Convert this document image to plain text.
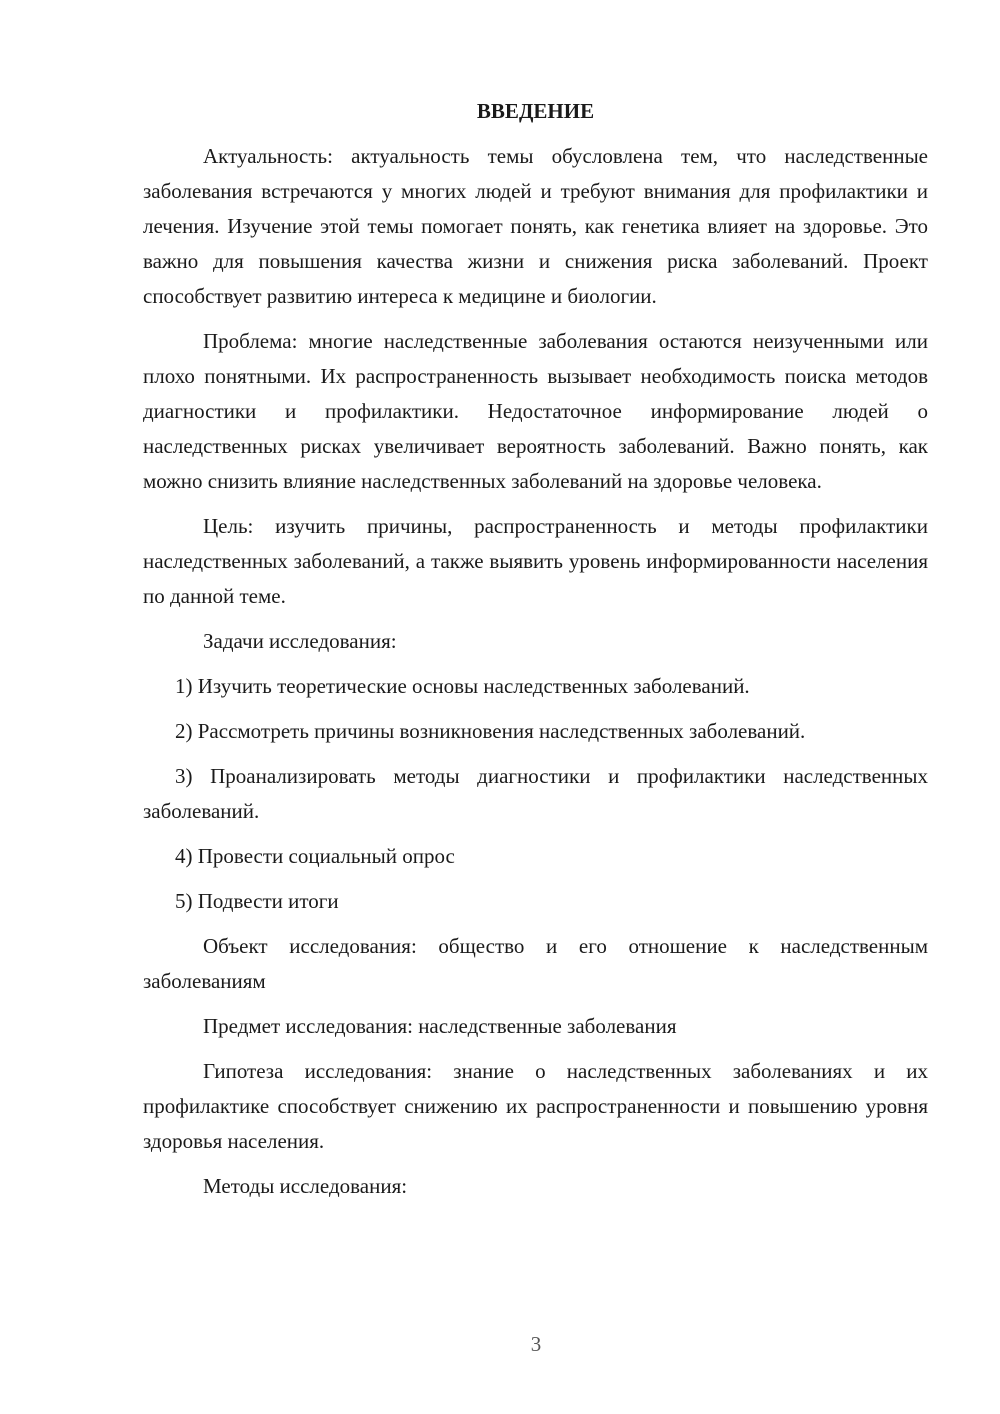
ВВЕДЕНИЕ

Актуальность: актуальность темы обусловлена тем, что наследственные заболевания встречаются у многих людей и требуют внимания для профилактики и лечения. Изучение этой темы помогает понять, как генетика влияет на здоровье. Это важно для повышения качества жизни и снижения риска заболеваний. Проект способствует развитию интереса к медицине и биологии.

Проблема: многие наследственные заболевания остаются неизученными или плохо понятными. Их распространенность вызывает необходимость поиска методов диагностики и профилактики. Недостаточное информирование людей о наследственных рисках увеличивает вероятность заболеваний. Важно понять, как можно снизить влияние наследственных заболеваний на здоровье человека.

Цель: изучить причины, распространенность и методы профилактики наследственных заболеваний, а также выявить уровень информированности населения по данной теме.

Задачи исследования:

1) Изучить теоретические основы наследственных заболеваний.

2) Рассмотреть причины возникновения наследственных заболеваний.

3) Проанализировать методы диагностики и профилактики наследственных заболеваний.

4) Провести социальный опрос

5) Подвести итоги

Объект исследования: общество и его отношение к наследственным заболеваниям

Предмет исследования: наследственные заболевания

Гипотеза исследования: знание о наследственных заболеваниях и их профилактике способствует снижению их распространенности и повышению уровня здоровья населения.

Методы исследования:

3
